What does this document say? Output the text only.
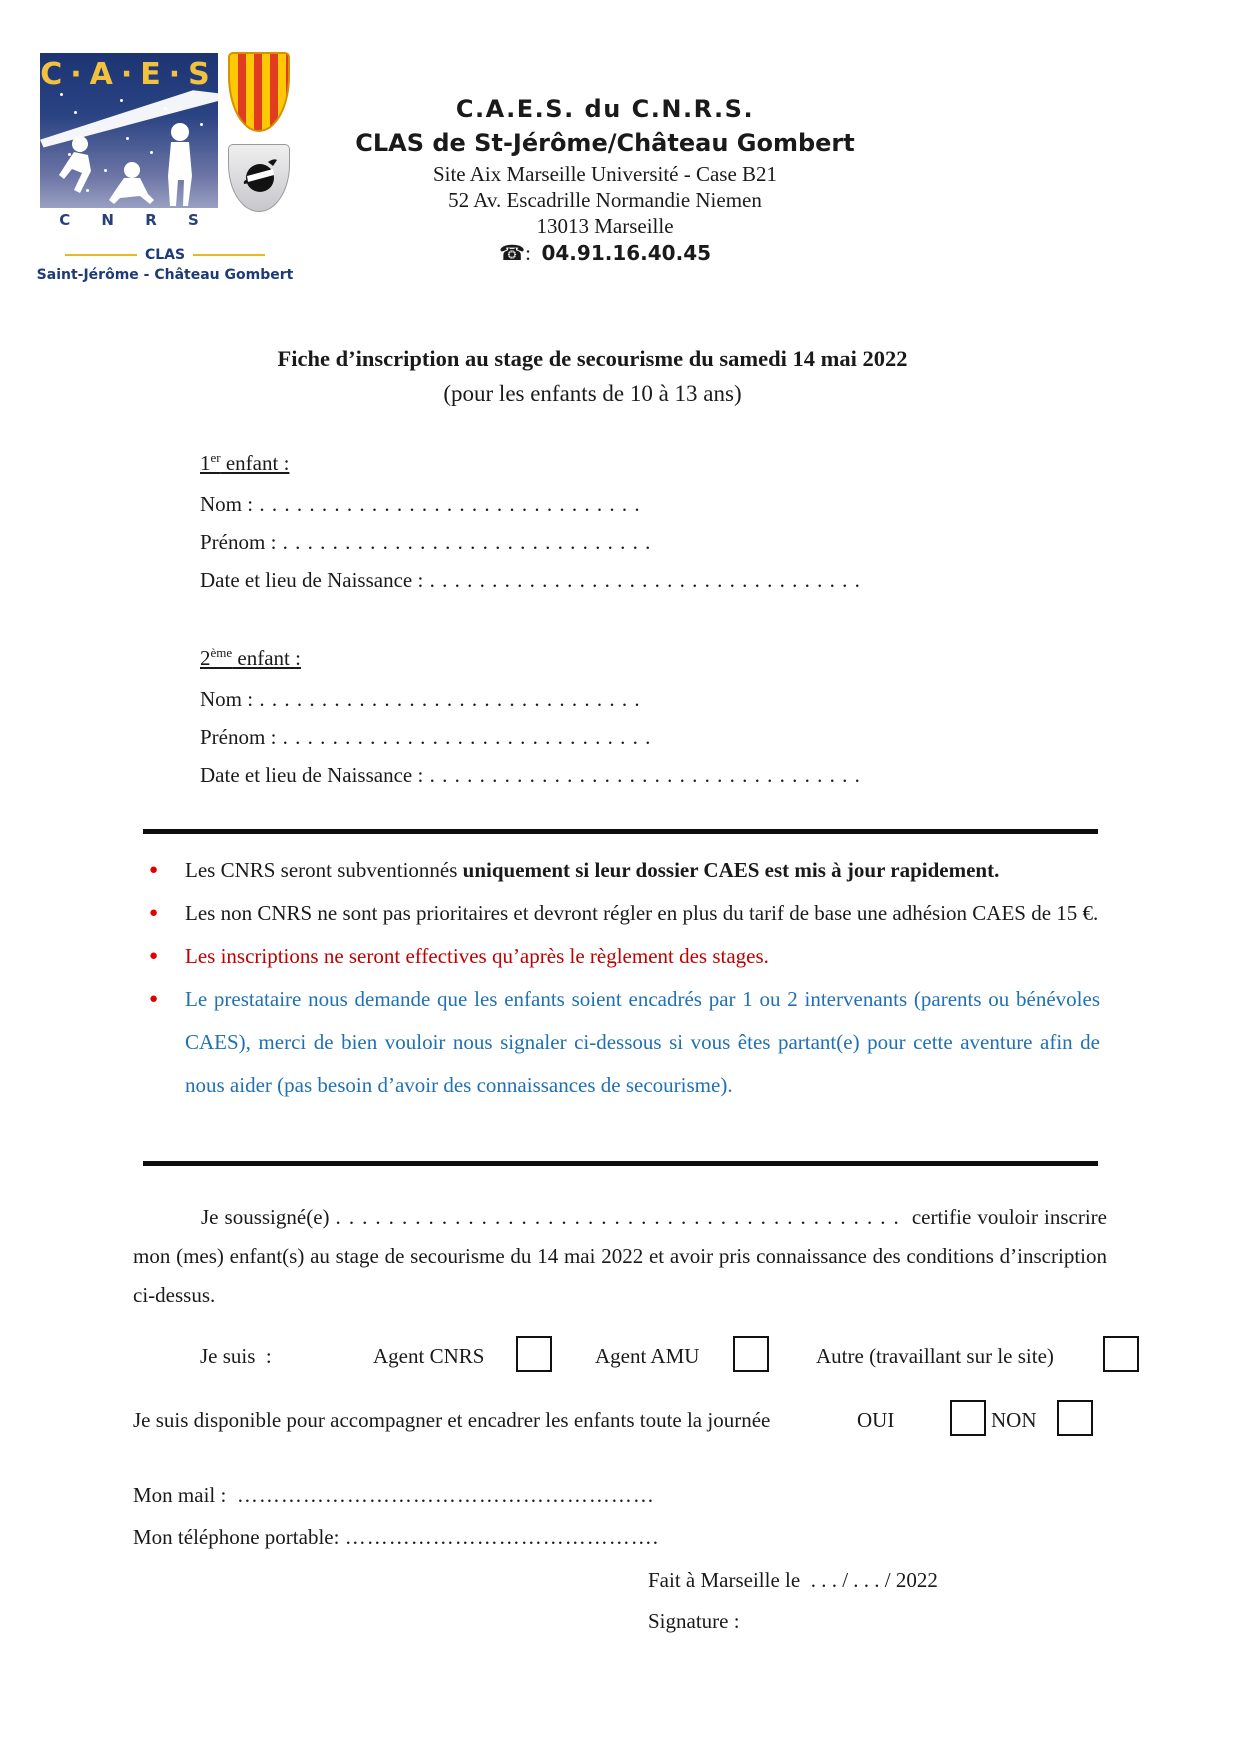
C·A·E·S
C N R S
CLAS
Saint-Jérôme - Château Gombert
C.A.E.S. du C.N.R.S.
CLAS de St-Jérôme/Château Gombert
Site Aix Marseille Université - Case B21
52 Av. Escadrille Normandie Niemen
13013 Marseille
☎:  04.91.16.40.45
Fiche d’inscription au stage de secourisme du samedi 14 mai 2022
(pour les enfants de 10 à 13 ans)
1er enfant :
Nom : . . . . . . . . . . . . . . . . . . . . . . . . . . . . . . .
Prénom : . . . . . . . . . . . . . . . . . . . . . . . . . . . . . .
Date et lieu de Naissance : . . . . . . . . . . . . . . . . . . . . . . . . . . . . . . . . . . .
2ème enfant :
Nom : . . . . . . . . . . . . . . . . . . . . . . . . . . . . . . .
Prénom : . . . . . . . . . . . . . . . . . . . . . . . . . . . . . .
Date et lieu de Naissance : . . . . . . . . . . . . . . . . . . . . . . . . . . . . . . . . . . .
● Les CNRS seront subventionnés uniquement si leur dossier CAES est mis à jour rapidement.
● Les non CNRS ne sont pas prioritaires et devront régler en plus du tarif de base une adhésion CAES de 15 €.
● Les inscriptions ne seront effectives qu’après le règlement des stages.
● Le prestataire nous demande que les enfants soient encadrés par 1 ou 2 intervenants (parents ou bénévoles CAES), merci de bien vouloir nous signaler ci-dessous si vous êtes partant(e) pour cette aventure afin de nous aider (pas besoin d’avoir des connaissances de secourisme).
Je soussigné(e) . . . . . . . . . . . . . . . . . . . . . . . . . . . . . . . . . . . . . . . . . . .  certifie vouloir inscrire mon (mes) enfant(s) au stage de secourisme du 14 mai 2022 et avoir pris connaissance des conditions d’inscription ci-dessus.
Je suis  :	Agent CNRS	Agent AMU	Autre (travaillant sur le site)
Je suis disponible pour accompagner et encadrer les enfants toute la journée	OUI	NON
Mon mail : …………………………………………………
Mon téléphone portable: …………………………………….
Fait à Marseille le  . . . / . . . / 2022
Signature :
